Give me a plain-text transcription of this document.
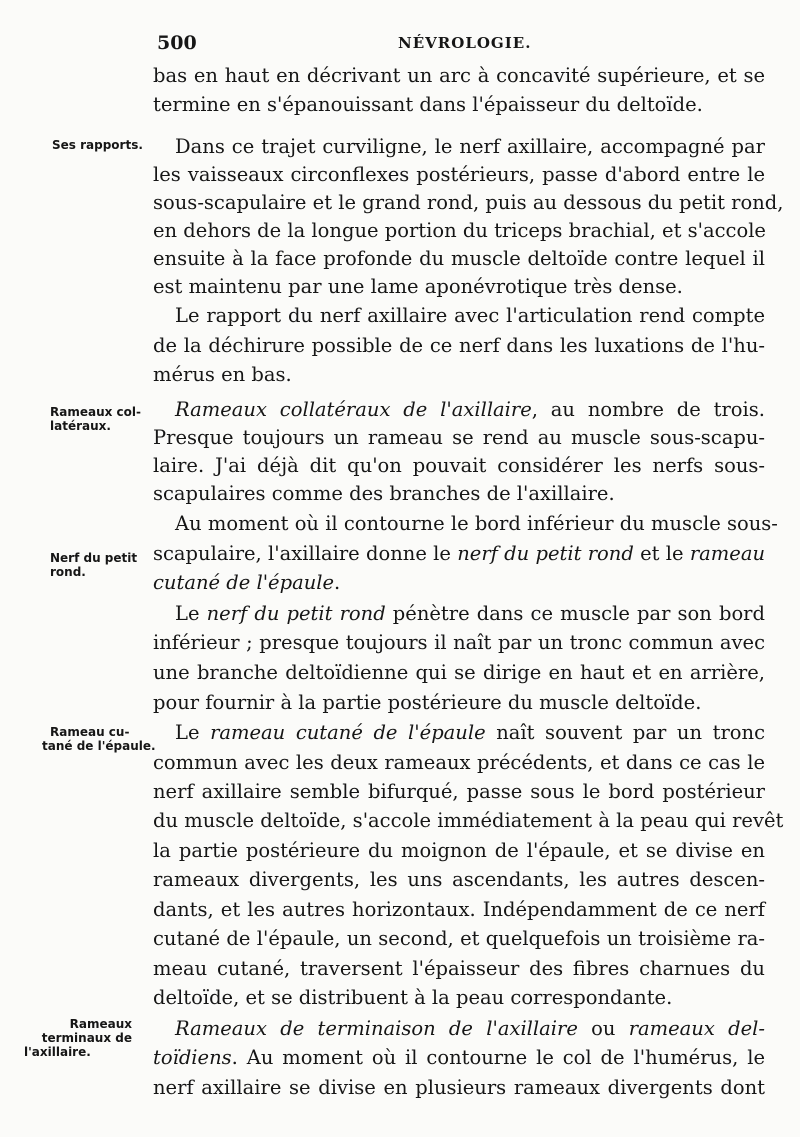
500	NÉVROLOGIE.
Ses rapports.
Rameaux col-
latéraux.
Nerf du petit
rond.
Rameau cu-
tané de l'épaule.
Rameaux
terminaux de
l'axillaire.
bas en haut en décrivant un arc à concavité supérieure, et se
termine en s'épanouissant dans l'épaisseur du deltoïde.
Dans ce trajet curviligne, le nerf axillaire, accompagné par
les vaisseaux circonflexes postérieurs, passe d'abord entre le
sous-scapulaire et le grand rond, puis au dessous du petit rond,
en dehors de la longue portion du triceps brachial, et s'accole
ensuite à la face profonde du muscle deltoïde contre lequel il
est maintenu par une lame aponévrotique très dense.
Le rapport du nerf axillaire avec l'articulation rend compte
de la déchirure possible de ce nerf dans les luxations de l'hu-
mérus en bas.
Rameaux collatéraux de l'axillaire, au nombre de trois.
Presque toujours un rameau se rend au muscle sous-scapu-
laire. J'ai déjà dit qu'on pouvait considérer les nerfs sous-
scapulaires comme des branches de l'axillaire.
Au moment où il contourne le bord inférieur du muscle sous-
scapulaire, l'axillaire donne le nerf du petit rond et le rameau
cutané de l'épaule.
Le nerf du petit rond pénètre dans ce muscle par son bord
inférieur ; presque toujours il naît par un tronc commun avec
une branche deltoïdienne qui se dirige en haut et en arrière,
pour fournir à la partie postérieure du muscle deltoïde.
Le rameau cutané de l'épaule naît souvent par un tronc
commun avec les deux rameaux précédents, et dans ce cas le
nerf axillaire semble bifurqué, passe sous le bord postérieur
du muscle deltoïde, s'accole immédiatement à la peau qui revêt
la partie postérieure du moignon de l'épaule, et se divise en
rameaux divergents, les uns ascendants, les autres descen-
dants, et les autres horizontaux. Indépendamment de ce nerf
cutané de l'épaule, un second, et quelquefois un troisième ra-
meau cutané, traversent l'épaisseur des fibres charnues du
deltoïde, et se distribuent à la peau correspondante.
Rameaux de terminaison de l'axillaire ou rameaux del-
toïdiens. Au moment où il contourne le col de l'humérus, le
nerf axillaire se divise en plusieurs rameaux divergents dont
